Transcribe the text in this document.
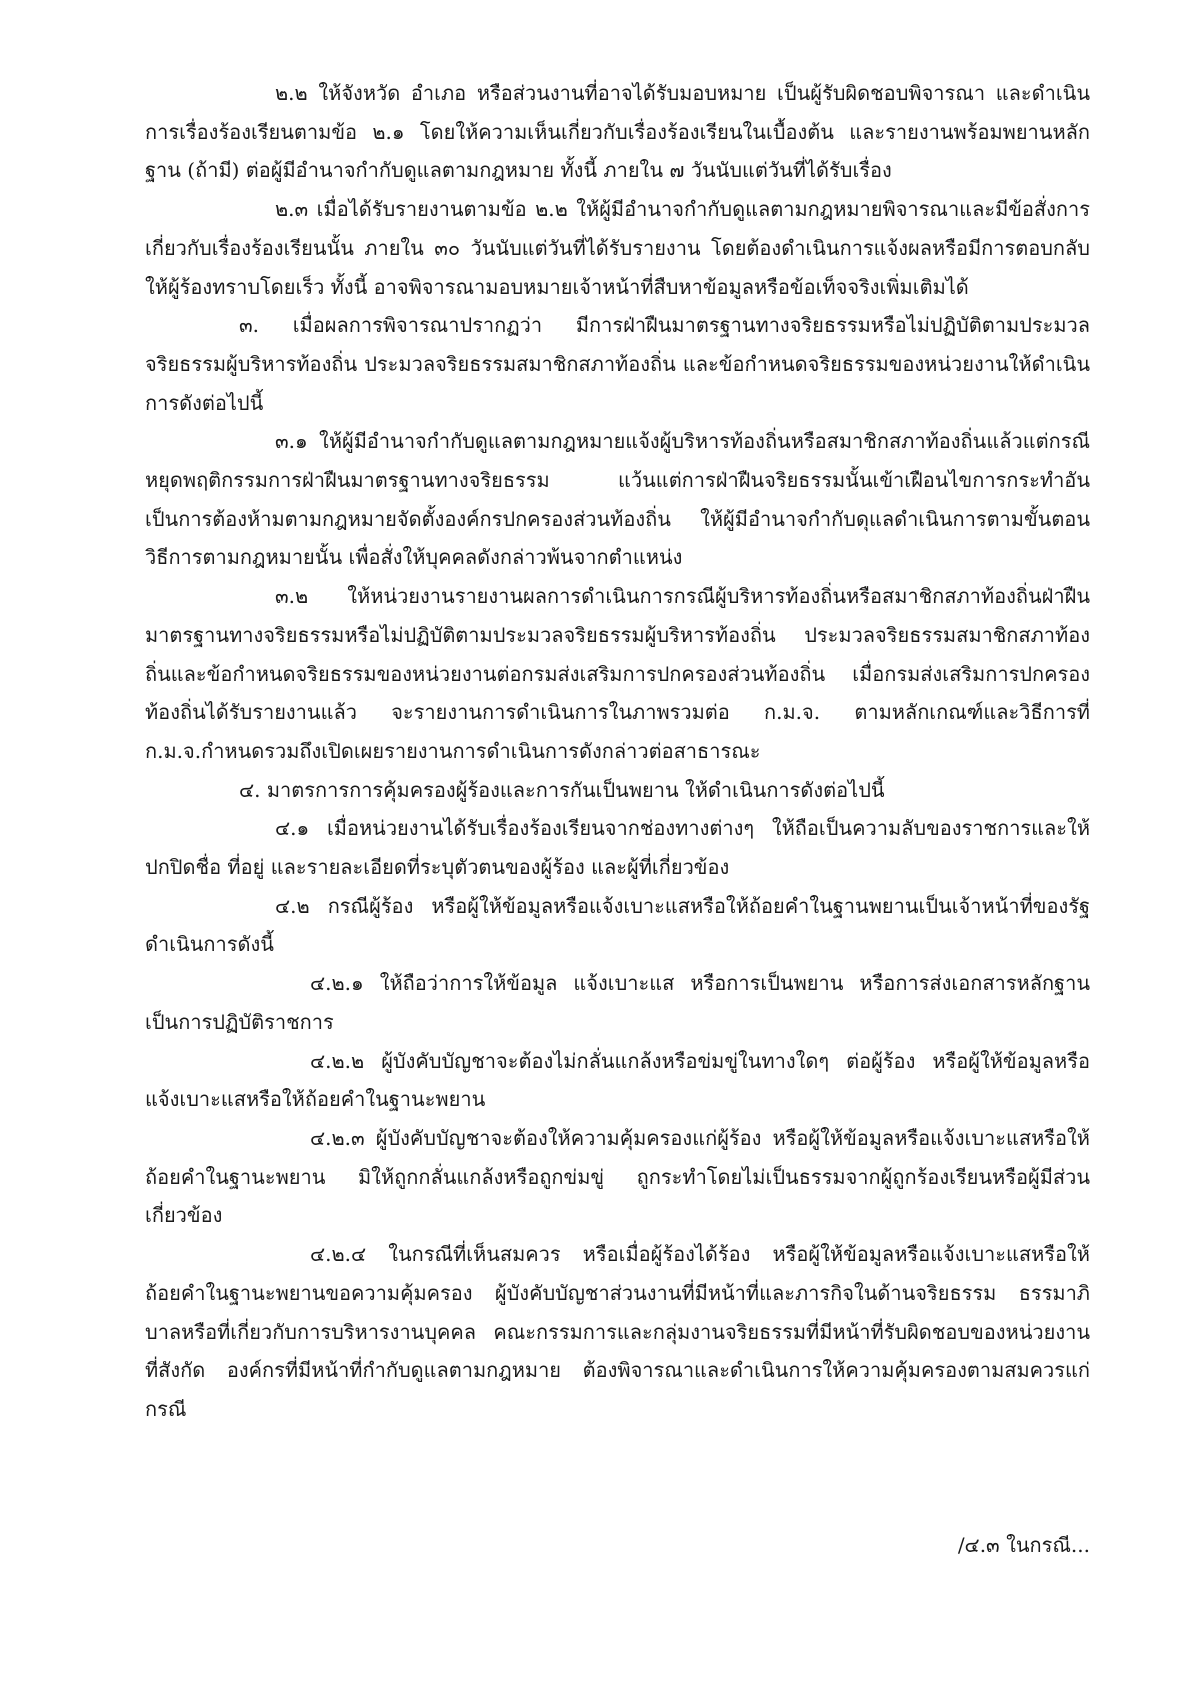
๒.๒ ให้จังหวัด อำเภอ หรือส่วนงานที่อาจได้รับมอบหมาย เป็นผู้รับผิดชอบพิจารณา และดำเนินการเรื่องร้องเรียนตามข้อ ๒.๑ โดยให้ความเห็นเกี่ยวกับเรื่องร้องเรียนในเบื้องต้น และรายงานพร้อมพยานหลักฐาน (ถ้ามี) ต่อผู้มีอำนาจกำกับดูแลตามกฎหมาย ทั้งนี้ ภายใน ๗ วันนับแต่วันที่ได้รับเรื่อง

๒.๓ เมื่อได้รับรายงานตามข้อ ๒.๒ ให้ผู้มีอำนาจกำกับดูแลตามกฎหมายพิจารณาและมีข้อสั่งการเกี่ยวกับเรื่องร้องเรียนนั้น ภายใน ๓๐ วันนับแต่วันที่ได้รับรายงาน โดยต้องดำเนินการแจ้งผลหรือมีการตอบกลับให้ผู้ร้องทราบโดยเร็ว ทั้งนี้ อาจพิจารณามอบหมายเจ้าหน้าที่สืบหาข้อมูลหรือข้อเท็จจริงเพิ่มเติมได้

๓. เมื่อผลการพิจารณาปรากฏว่า มีการฝ่าฝืนมาตรฐานทางจริยธรรมหรือไม่ปฏิบัติตามประมวลจริยธรรมผู้บริหารท้องถิ่น ประมวลจริยธรรมสมาชิกสภาท้องถิ่น และข้อกำหนดจริยธรรมของหน่วยงานให้ดำเนินการดังต่อไปนี้

๓.๑ ให้ผู้มีอำนาจกำกับดูแลตามกฎหมายแจ้งผู้บริหารท้องถิ่นหรือสมาชิกสภาท้องถิ่นแล้วแต่กรณีหยุดพฤติกรรมการฝ่าฝืนมาตรฐานทางจริยธรรม แว้นแต่การฝ่าฝืนจริยธรรมนั้นเข้าเฝือนไขการกระทำอันเป็นการต้องห้ามตามกฎหมายจัดตั้งองค์กรปกครองส่วนท้องถิ่น ให้ผู้มีอำนาจกำกับดุแลดำเนินการตามขั้นตอนวิธีการตามกฎหมายนั้น เพื่อสั่งให้บุคคลดังกล่าวพ้นจากตำแหน่ง

๓.๒ ให้หน่วยงานรายงานผลการดำเนินการกรณีผู้บริหารท้องถิ่นหรือสมาชิกสภาท้องถิ่นฝ่าฝืนมาตรฐานทางจริยธรรมหรือไม่ปฏิบัติตามประมวลจริยธรรมผู้บริหารท้องถิ่น ประมวลจริยธรรมสมาชิกสภาท้องถิ่นและข้อกำหนดจริยธรรมของหน่วยงานต่อกรมส่งเสริมการปกครองส่วนท้องถิ่น เมื่อกรมส่งเสริมการปกครองท้องถิ่นได้รับรายงานแล้ว จะรายงานการดำเนินการในภาพรวมต่อ ก.ม.จ. ตามหลักเกณฑ์และวิธีการที่ ก.ม.จ.กำหนดรวมถึงเปิดเผยรายงานการดำเนินการดังกล่าวต่อสาธารณะ

๔. มาตรการการคุ้มครองผู้ร้องและการกันเป็นพยาน ให้ดำเนินการดังต่อไปนี้

๔.๑ เมื่อหน่วยงานได้รับเรื่องร้องเรียนจากช่องทางต่างๆ ให้ถือเป็นความลับของราชการและให้ปกปิดชื่อ ที่อยู่ และรายละเอียดที่ระบุตัวตนของผู้ร้อง และผู้ที่เกี่ยวข้อง

๔.๒ กรณีผู้ร้อง หรือผู้ให้ข้อมูลหรือแจ้งเบาะแสหรือให้ถ้อยคำในฐานพยานเป็นเจ้าหน้าที่ของรัฐดำเนินการดังนี้

๔.๒.๑ ให้ถือว่าการให้ข้อมูล แจ้งเบาะแส หรือการเป็นพยาน หรือการส่งเอกสารหลักฐานเป็นการปฏิบัติราชการ

๔.๒.๒ ผู้บังคับบัญชาจะต้องไม่กลั่นแกล้งหรือข่มขู่ในทางใดๆ ต่อผู้ร้อง หรือผู้ให้ข้อมูลหรือแจ้งเบาะแสหรือให้ถ้อยคำในฐานะพยาน

๔.๒.๓ ผู้บังคับบัญชาจะต้องให้ความคุ้มครองแก่ผู้ร้อง หรือผู้ให้ข้อมูลหรือแจ้งเบาะแสหรือให้ถ้อยคำในฐานะพยาน มิให้ถูกกลั่นแกล้งหรือถูกข่มขู่ ถูกระทำโดยไม่เป็นธรรมจากผู้ถูกร้องเรียนหรือผู้มีส่วนเกี่ยวข้อง

๔.๒.๔ ในกรณีที่เห็นสมควร หรือเมื่อผู้ร้องได้ร้อง หรือผู้ให้ข้อมูลหรือแจ้งเบาะแสหรือให้ถ้อยคำในฐานะพยานขอความคุ้มครอง ผู้บังคับบัญชาส่วนงานที่มีหน้าที่และภารกิจในด้านจริยธรรม ธรรมาภิบาลหรือที่เกี่ยวกับการบริหารงานบุคคล คณะกรรมการและกลุ่มงานจริยธรรมที่มีหน้าที่รับผิดชอบของหน่วยงานที่สังกัด องค์กรที่มีหน้าที่กำกับดูแลตามกฎหมาย ต้องพิจารณาและดำเนินการให้ความคุ้มครองตามสมควรแก่กรณี

/๔.๓ ในกรณี...
